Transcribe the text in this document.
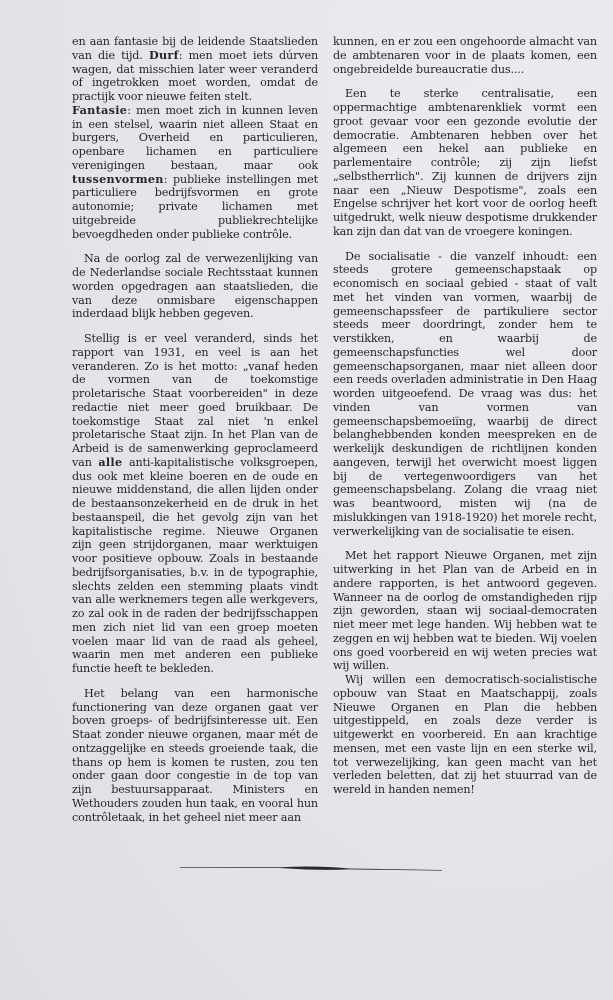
en aan fantasie bij de leidende Staatslieden van die tijd. Durf: men moet iets dúrven wagen, dat misschien later weer veranderd of ingetrokken moet worden, omdat de practijk voor nieuwe feiten stelt.
Fantasie: men moet zich in kunnen leven in een stelsel, waarin niet alleen Staat en burgers, Overheid en particulieren, openbare lichamen en particuliere verenigingen bestaan, maar ook tussenvormen: publieke instellingen met particuliere bedrijfsvormen en grote autonomie; private lichamen met uitgebreide publiekrechtelijke bevoegdheden onder publieke contrôle.

Na de oorlog zal de verwezenlijking van de Nederlandse sociale Rechtsstaat kunnen worden opgedragen aan staatslieden, die van deze onmisbare eigenschappen inderdaad blijk hebben gegeven.

Stellig is er veel veranderd, sinds het rapport van 1931, en veel is aan het veranderen. Zo is het motto: „vanaf heden de vormen van de toekomstige proletarische Staat voorbereiden" in deze redactie niet meer goed bruikbaar. De toekomstige Staat zal niet 'n enkel proletarische Staat zijn. In het Plan van de Arbeid is de samenwerking geproclameerd van alle anti-kapitalistische volksgroepen, dus ook met kleine boeren en de oude en nieuwe middenstand, die allen lijden onder de bestaansonzekerheid en de druk in het bestaanspeil, die het gevolg zijn van het kapitalistische regime. Nieuwe Organen zijn geen strijdorganen, maar werktuigen voor positieve opbouw. Zoals in bestaande bedrijfsorganisaties, b.v. in de typographie, slechts zelden een stemming plaats vindt van alle werknemers tegen alle werkgevers, zo zal ook in de raden der bedrijfsschappen men zich niet lid van een groep moeten voelen maar lid van de raad als geheel, waarin men met anderen een publieke functie heeft te bekleden.

Het belang van een harmonische functionering van deze organen gaat ver boven groeps- of bedrijfsinteresse uit. Een Staat zonder nieuwe organen, maar mét de ontzaggelijke en steeds groeiende taak, die thans op hem is komen te rusten, zou ten onder gaan door congestie in de top van zijn bestuursapparaat. Ministers en Wethouders zouden hun taak, en vooral hun contrôletaak, in het geheel niet meer aan

kunnen, en er zou een ongehoorde almacht van de ambtenaren voor in de plaats komen, een ongebreidelde bureaucratie dus....

Een te sterke centralisatie, een oppermachtige ambtenarenkliek vormt een groot gevaar voor een gezonde evolutie der democratie. Ambtenaren hebben over het algemeen een hekel aan publieke en parlementaire contrôle; zij zijn liefst „selbstherrlich". Zij kunnen de drijvers zijn naar een „Nieuw Despotisme", zoals een Engelse schrijver het kort voor de oorlog heeft uitgedrukt, welk nieuw despotisme drukkender kan zijn dan dat van de vroegere koningen.

De socialisatie - die vanzelf inhoudt: een steeds grotere gemeenschapstaak op economisch en sociaal gebied - staat of valt met het vinden van vormen, waarbij de gemeenschapssfeer de partikuliere sector steeds meer doordringt, zonder hem te verstikken, en waarbij de gemeenschapsfuncties wel door gemeenschapsorganen, maar niet alleen door een reeds overladen administratie in Den Haag worden uitgeoefend. De vraag was dus: het vinden van vormen van gemeenschapsbemoeiïng, waarbij de direct belanghebbenden konden meespreken en de werkelijk deskundigen de richtlijnen konden aangeven, terwijl het overwicht moest liggen bij de vertegenwoordigers van het gemeenschapsbelang. Zolang die vraag niet was beantwoord, misten wij (na de mislukkingen van 1918-1920) het morele recht, verwerkelijking van de socialisatie te eisen.

Met het rapport Nieuwe Organen, met zijn uitwerking in het Plan van de Arbeid en in andere rapporten, is het antwoord gegeven. Wanneer na de oorlog de omstandigheden rijp zijn geworden, staan wij sociaal-democraten niet meer met lege handen. Wij hebben wat te zeggen en wij hebben wat te bieden. Wij voelen ons goed voorbereid en wij weten precies wat wij willen.

Wij willen een democratisch-socialistische opbouw van Staat en Maatschappij, zoals Nieuwe Organen en Plan die hebben uitgestippeld, en zoals deze verder is uitgewerkt en voorbereid. En aan krachtige mensen, met een vaste lijn en een sterke wil, tot verwezelijking, kan geen macht van het verleden beletten, dat zij het stuurrad van de wereld in handen nemen!
